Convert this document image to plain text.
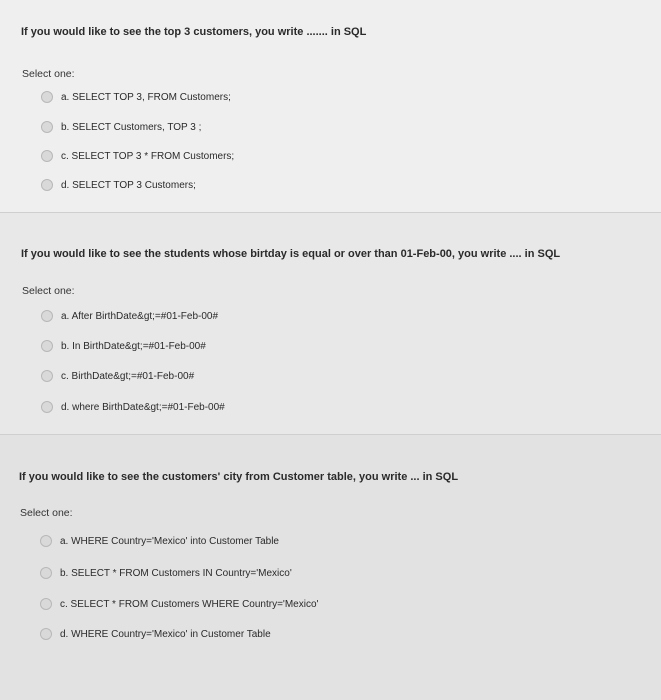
If you would like to see the top 3 customers, you write ....... in SQL
Select one:
a. SELECT TOP 3, FROM Customers;
b. SELECT Customers, TOP 3 ;
c. SELECT TOP 3 * FROM Customers;
d. SELECT TOP 3 Customers;
If you would like to see the students whose birtday is equal or over than 01-Feb-00, you write .... in SQL
Select one:
a. After BirthDate&gt;=#01-Feb-00#
b. In BirthDate&gt;=#01-Feb-00#
c. BirthDate&gt;=#01-Feb-00#
d. where BirthDate&gt;=#01-Feb-00#
If you would like to see the customers' city from Customer table, you write ... in SQL
Select one:
a. WHERE Country='Mexico' into Customer Table
b. SELECT * FROM Customers IN Country='Mexico'
c. SELECT * FROM Customers WHERE Country='Mexico'
d. WHERE Country='Mexico' in Customer Table
